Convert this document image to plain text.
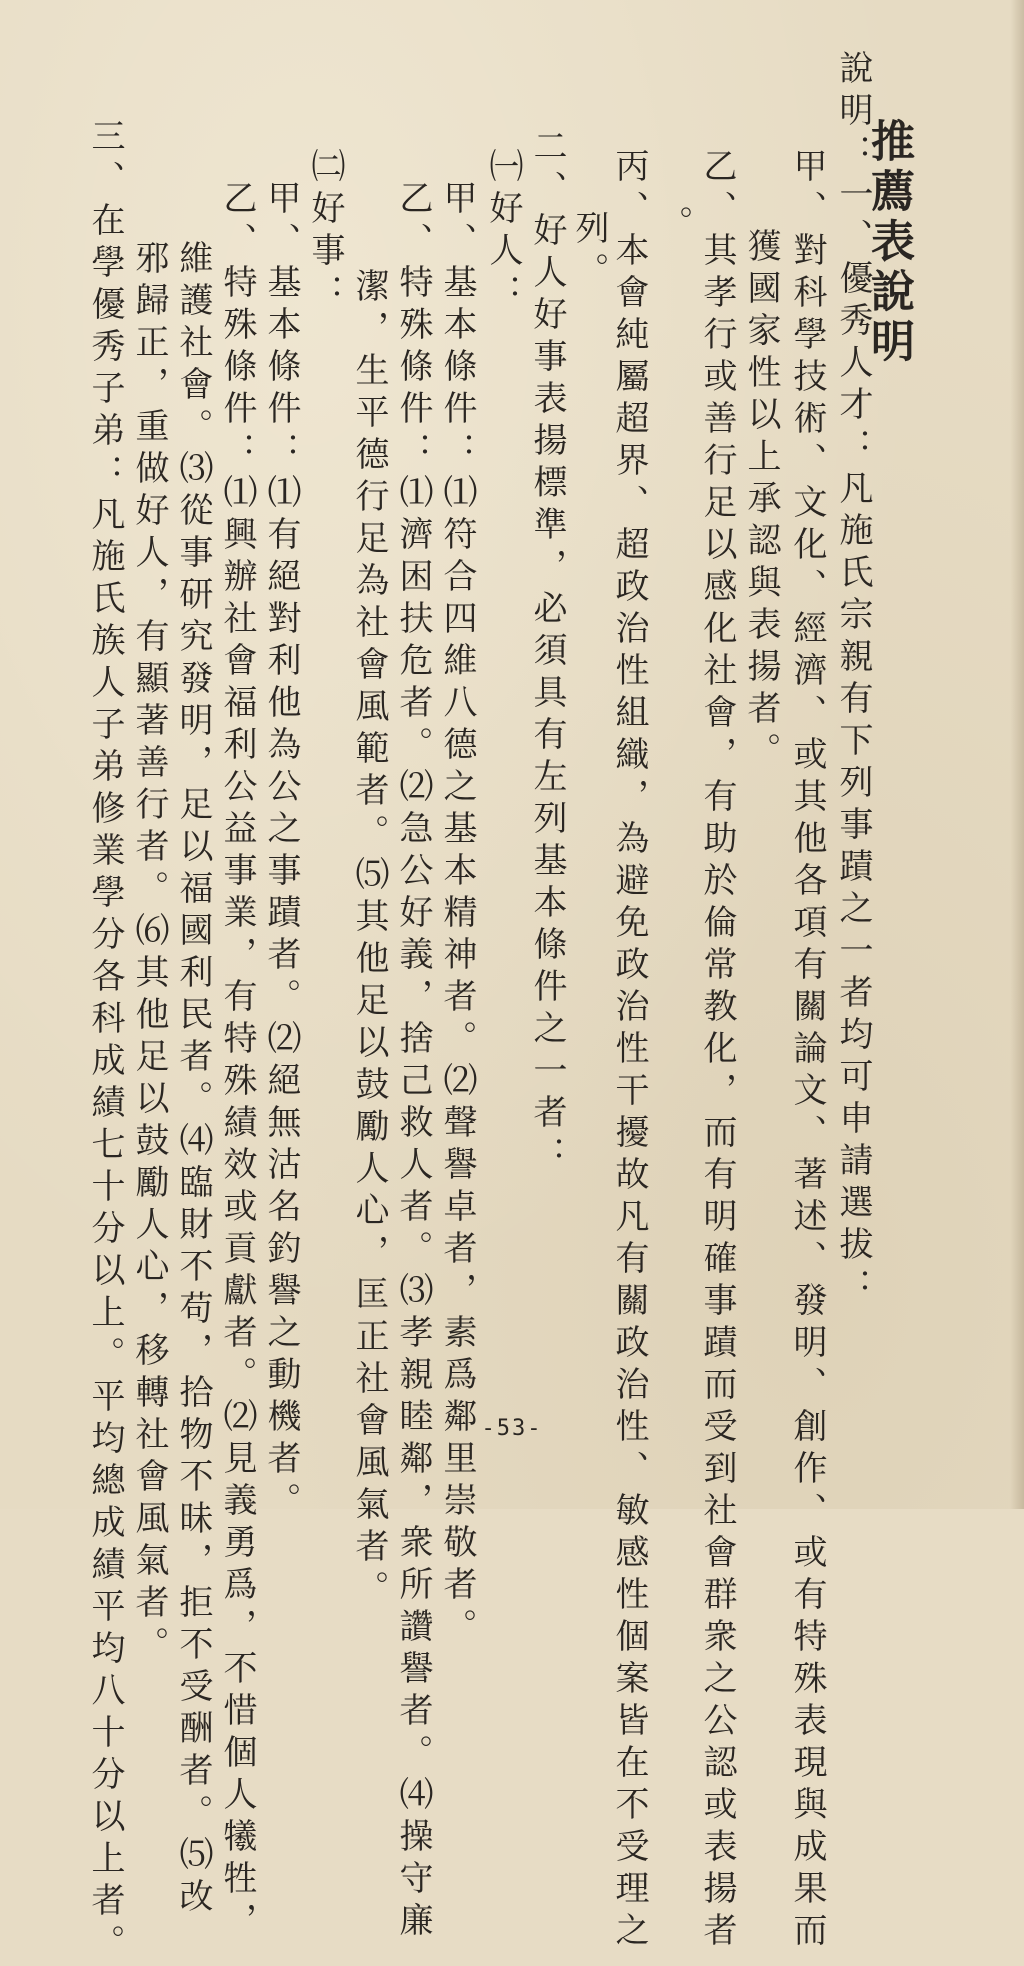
推薦表說明
說明：一、優秀人才：凡施氏宗親有下列事蹟之一者均可申請選拔：
甲、對科學技術、文化、經濟、或其他各項有關論文、著述、發明、創作、或有特殊表現與成果而
獲國家性以上承認與表揚者。
乙、其孝行或善行足以感化社會，有助於倫常教化，而有明確事蹟而受到社會群衆之公認或表揚者
。
丙、本會純屬超界、超政治性組織，為避免政治性干擾故凡有關政治性、敏感性個案皆在不受理之
列。
二、好人好事表揚標準，必須具有左列基本條件之一者：
㈠好人：
甲、基本條件：⑴符合四維八德之基本精神者。⑵聲譽卓者，素爲鄰里崇敬者。
乙、特殊條件：⑴濟困扶危者。⑵急公好義，捨己救人者。⑶孝親睦鄰，衆所讚譽者。⑷操守廉
潔，生平德行足為社會風範者。⑸其他足以鼓勵人心，匡正社會風氣者。
㈡好事：
甲、基本條件：⑴有絕對利他為公之事蹟者。⑵絕無沽名釣譽之動機者。
乙、特殊條件：⑴興辦社會福利公益事業，有特殊績效或貢獻者。⑵見義勇爲，不惜個人犧牲，
維護社會。⑶從事研究發明，足以福國利民者。⑷臨財不苟，拾物不昧，拒不受酬者。⑸改
邪歸正，重做好人，有顯著善行者。⑹其他足以鼓勵人心，移轉社會風氣者。
三、在學優秀子弟：凡施氏族人子弟修業學分各科成績七十分以上。平均總成績平均八十分以上者。	-53-
